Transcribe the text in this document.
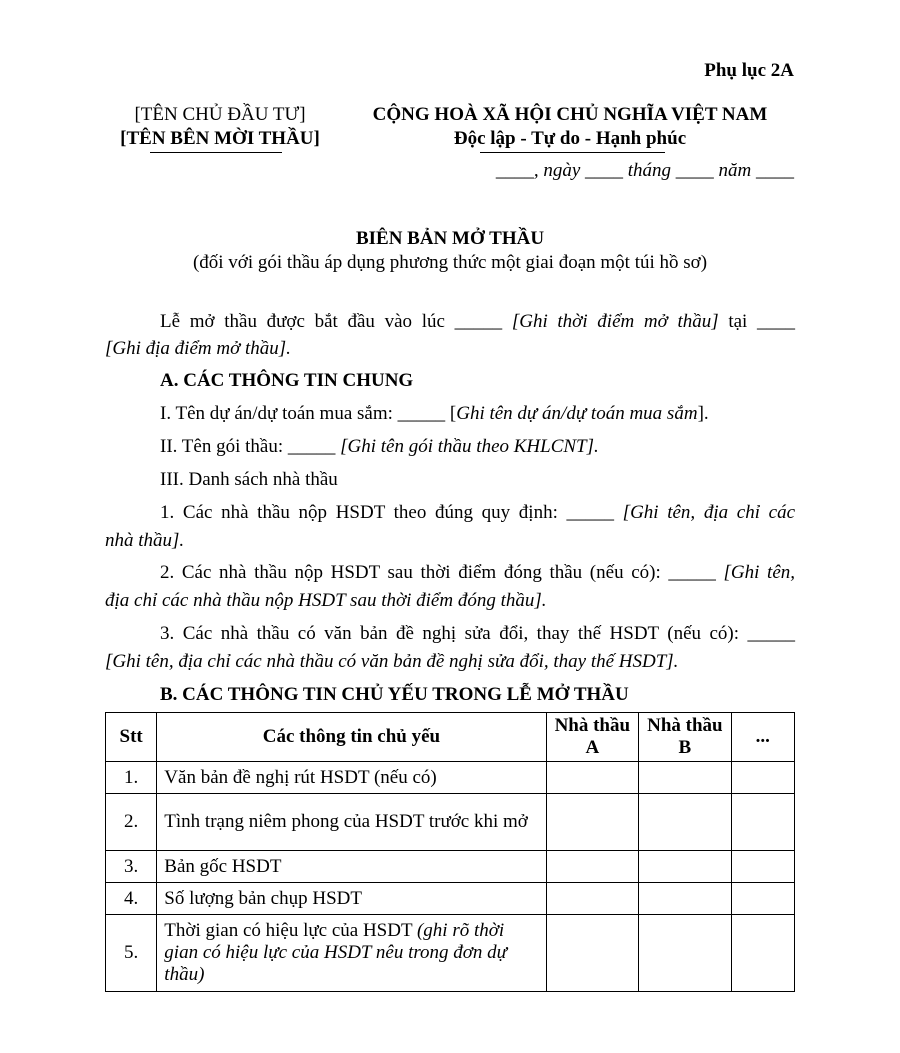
Phụ lục 2A
[TÊN CHỦ ĐẦU TƯ]
[TÊN BÊN MỜI THẦU]
CỘNG HOÀ XÃ HỘI CHỦ NGHĨA VIỆT NAM
Độc lập - Tự do - Hạnh phúc
____, ngày ____ tháng ____ năm ____
BIÊN BẢN MỞ THẦU
(đối với gói thầu áp dụng phương thức một giai đoạn một túi hồ sơ)
Lễ mở thầu được bắt đầu vào lúc _____ [Ghi thời điểm mở thầu] tại ____
[Ghi địa điểm mở thầu].
A. CÁC THÔNG TIN CHUNG
I. Tên dự án/dự toán mua sắm: _____ [Ghi tên dự án/dự toán mua sắm].
II. Tên gói thầu: _____ [Ghi tên gói thầu theo KHLCNT].
III. Danh sách nhà thầu
1. Các nhà thầu nộp HSDT theo đúng quy định: _____ [Ghi tên, địa chỉ các
nhà thầu].
2. Các nhà thầu nộp HSDT sau thời điểm đóng thầu (nếu có): _____ [Ghi tên,
địa chỉ các nhà thầu nộp HSDT sau thời điểm đóng thầu].
3. Các nhà thầu có văn bản đề nghị sửa đổi, thay thế HSDT (nếu có): _____
[Ghi tên, địa chỉ các nhà thầu có văn bản đề nghị sửa đổi, thay thế HSDT].
B. CÁC THÔNG TIN CHỦ YẾU TRONG LỄ MỞ THẦU
Stt	Các thông tin chủ yếu	Nhà thầu A	Nhà thầu B	...
1.	Văn bản đề nghị rút HSDT (nếu có)			
2.	Tình trạng niêm phong của HSDT trước khi mở			
3.	Bản gốc HSDT			
4.	Số lượng bản chụp HSDT			
5.	Thời gian có hiệu lực của HSDT (ghi rõ thời gian có hiệu lực của HSDT nêu trong đơn dự thầu)			
